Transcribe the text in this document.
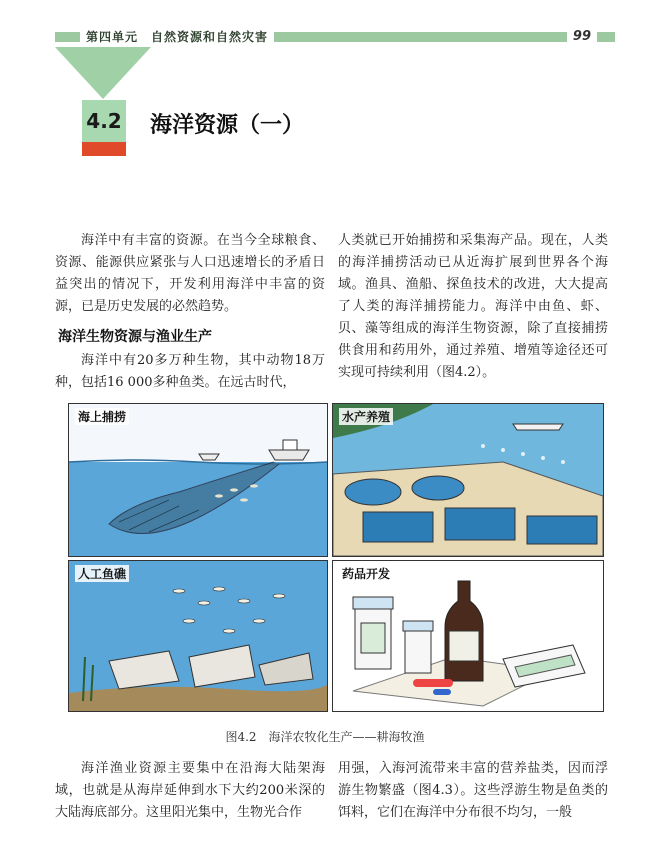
第四单元　自然资源和自然灾害	99
4.2 海洋资源（一）

海洋中有丰富的资源。在当今全球粮食、资源、能源供应紧张与人口迅速增长的矛盾日益突出的情况下，开发利用海洋中丰富的资源，已是历史发展的必然趋势。

海洋生物资源与渔业生产

海洋中有20多万种生物，其中动物18万种，包括16 000多种鱼类。在远古时代，

人类就已开始捕捞和采集海产品。现在，人类的海洋捕捞活动已从近海扩展到世界各个海域。渔具、渔船、探鱼技术的改进，大大提高了人类的海洋捕捞能力。海洋中由鱼、虾、贝、藻等组成的海洋生物资源，除了直接捕捞供食用和药用外，通过养殖、增殖等途径还可实现可持续利用（图4.2）。

海上捕捞	水产养殖
人工鱼礁	药品开发
图4.2　海洋农牧化生产——耕海牧渔

海洋渔业资源主要集中在沿海大陆架海域，也就是从海岸延伸到水下大约200米深的大陆海底部分。这里阳光集中，生物光合作

用强，入海河流带来丰富的营养盐类，因而浮游生物繁盛（图4.3）。这些浮游生物是鱼类的饵料，它们在海洋中分布很不均匀，一般
